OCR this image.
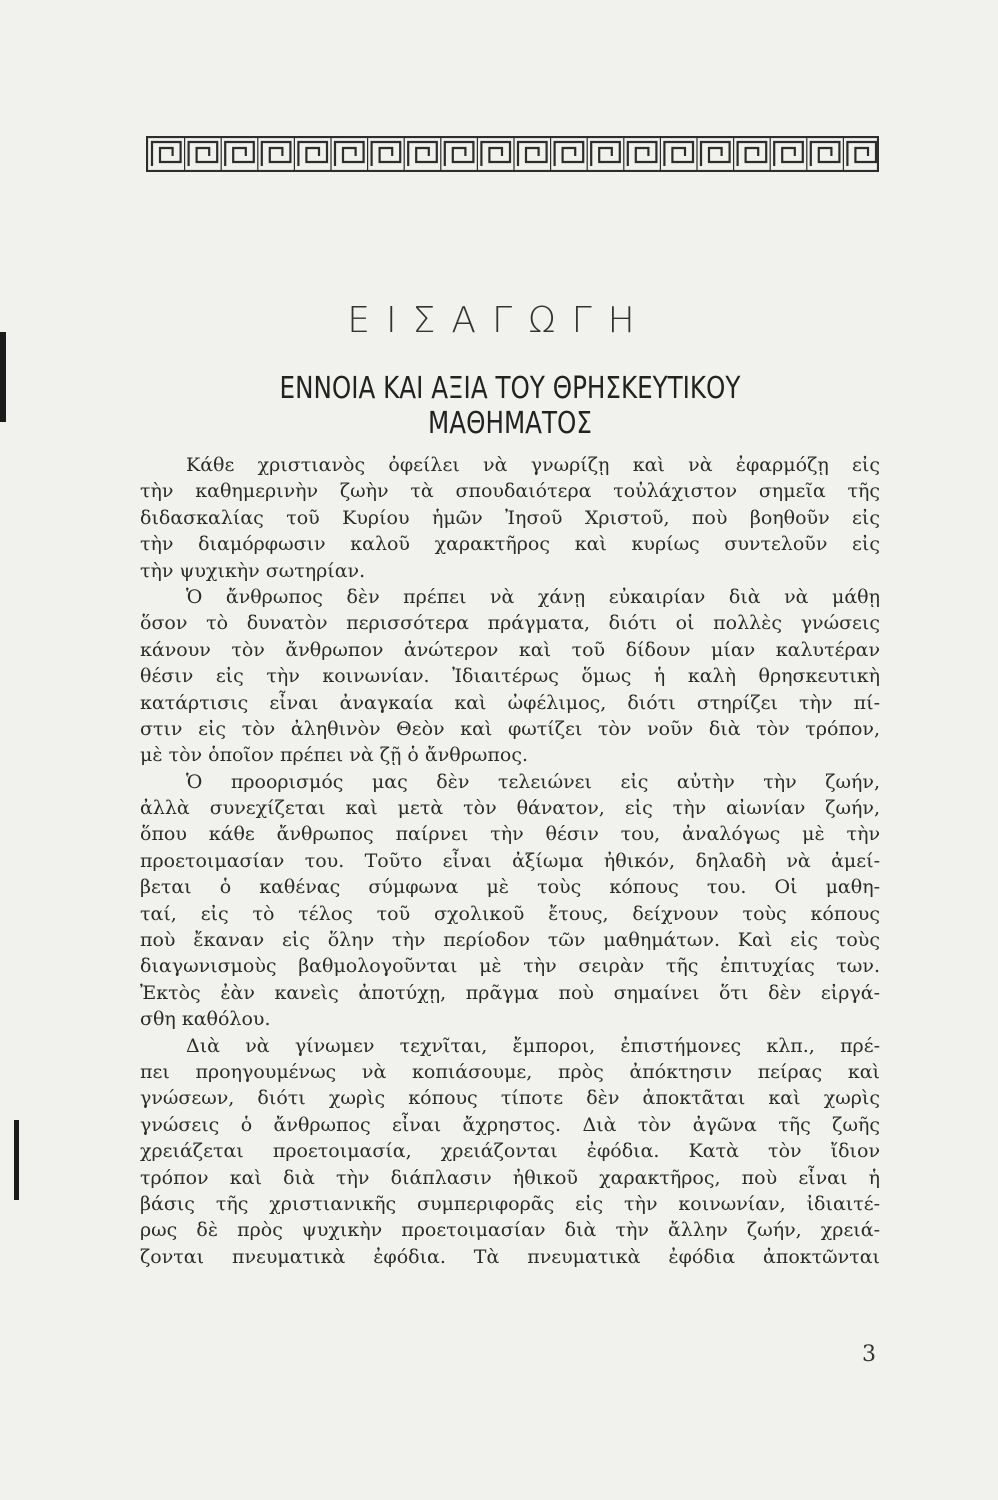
ΕΙΣΑΓΩΓΗ
ΕΝΝΟΙΑ ΚΑΙ ΑΞΙΑ ΤΟΥ ΘΡΗΣΚΕΥΤΙΚΟΥ ΜΑΘΗΜΑΤΟΣ
Κάθε χριστιανὸς ὀφείλει νὰ γνωρίζῃ καὶ νὰ ἐφαρμόζῃ εἰς
τὴν καθημερινὴν ζωὴν τὰ σπουδαιότερα τοὐλάχιστον σημεῖα τῆς
διδασκαλίας τοῦ Κυρίου ἡμῶν Ἰησοῦ Χριστοῦ, ποὺ βοηθοῦν εἰς
τὴν διαμόρφωσιν καλοῦ χαρακτῆρος καὶ κυρίως συντελοῦν εἰς
τὴν ψυχικὴν σωτηρίαν.
Ὁ ἄνθρωπος δὲν πρέπει νὰ χάνῃ εὐκαιρίαν διὰ νὰ μάθῃ
ὅσον τὸ δυνατὸν περισσότερα πράγματα, διότι οἱ πολλὲς γνώσεις
κάνουν τὸν ἄνθρωπον ἀνώτερον καὶ τοῦ δίδουν μίαν καλυτέραν
θέσιν εἰς τὴν κοινωνίαν. Ἰδιαιτέρως ὅμως ἡ καλὴ θρησκευτικὴ
κατάρτισις εἶναι ἀναγκαία καὶ ὠφέλιμος, διότι στηρίζει τὴν πί-
στιν εἰς τὸν ἀληθινὸν Θεὸν καὶ φωτίζει τὸν νοῦν διὰ τὸν τρόπον,
μὲ τὸν ὁποῖον πρέπει νὰ ζῇ ὁ ἄνθρωπος.
Ὁ προορισμός μας δὲν τελειώνει εἰς αὐτὴν τὴν ζωήν,
ἀλλὰ συνεχίζεται καὶ μετὰ τὸν θάνατον, εἰς τὴν αἰωνίαν ζωήν,
ὅπου κάθε ἄνθρωπος παίρνει τὴν θέσιν του, ἀναλόγως μὲ τὴν
προετοιμασίαν του. Τοῦτο εἶναι ἀξίωμα ἠθικόν, δηλαδὴ νὰ ἀμεί-
βεται ὁ καθένας σύμφωνα μὲ τοὺς κόπους του. Οἱ μαθη-
ταί, εἰς τὸ τέλος τοῦ σχολικοῦ ἔτους, δείχνουν τοὺς κόπους
ποὺ ἔκαναν εἰς ὅλην τὴν περίοδον τῶν μαθημάτων. Καὶ εἰς τοὺς
διαγωνισμοὺς βαθμολογοῦνται μὲ τὴν σειρὰν τῆς ἐπιτυχίας των.
Ἐκτὸς ἐὰν κανεὶς ἀποτύχῃ, πρᾶγμα ποὺ σημαίνει ὅτι δὲν εἰργά-
σθη καθόλου.
Διὰ νὰ γίνωμεν τεχνῖται, ἔμποροι, ἐπιστήμονες κλπ., πρέ-
πει προηγουμένως νὰ κοπιάσουμε, πρὸς ἀπόκτησιν πείρας καὶ
γνώσεων, διότι χωρὶς κόπους τίποτε δὲν ἀποκτᾶται καὶ χωρὶς
γνώσεις ὁ ἄνθρωπος εἶναι ἄχρηστος. Διὰ τὸν ἀγῶνα τῆς ζωῆς
χρειάζεται προετοιμασία, χρειάζονται ἐφόδια. Κατὰ τὸν ἴδιον
τρόπον καὶ διὰ τὴν διάπλασιν ἠθικοῦ χαρακτῆρος, ποὺ εἶναι ἡ
βάσις τῆς χριστιανικῆς συμπεριφορᾶς εἰς τὴν κοινωνίαν, ἰδιαιτέ-
ρως δὲ πρὸς ψυχικὴν προετοιμασίαν διὰ τὴν ἄλλην ζωήν, χρειά-
ζονται πνευματικὰ ἐφόδια. Τὰ πνευματικὰ ἐφόδια ἀποκτῶνται
3
